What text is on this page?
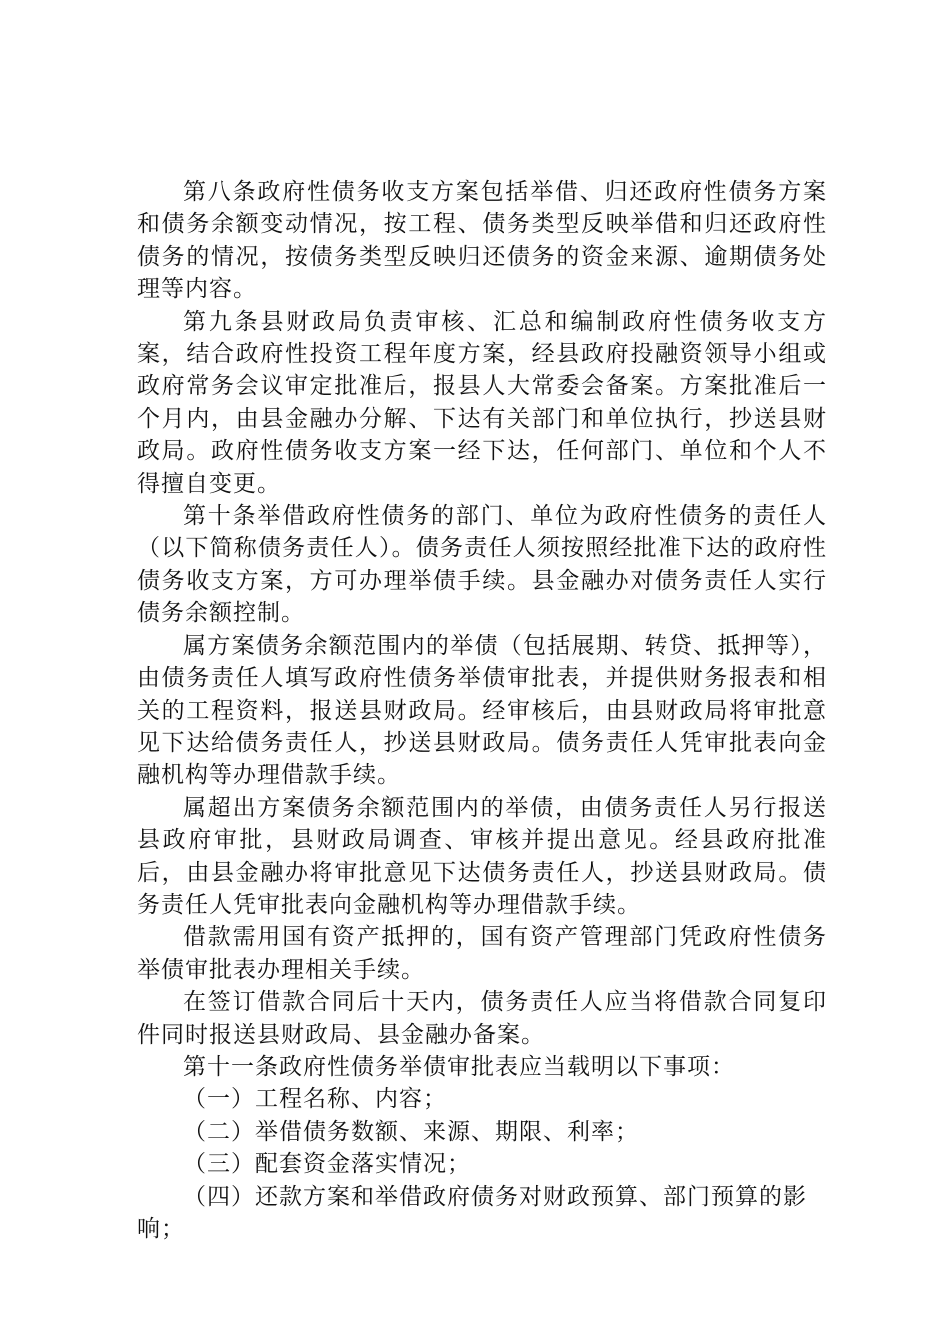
第八条政府性债务收支方案包括举借、归还政府性债务方案和债务余额变动情况，按工程、债务类型反映举借和归还政府性债务的情况，按债务类型反映归还债务的资金来源、逾期债务处理等内容。

第九条县财政局负责审核、汇总和编制政府性债务收支方案，结合政府性投资工程年度方案，经县政府投融资领导小组或政府常务会议审定批准后，报县人大常委会备案。方案批准后一个月内，由县金融办分解、下达有关部门和单位执行，抄送县财政局。政府性债务收支方案一经下达，任何部门、单位和个人不得擅自变更。

第十条举借政府性债务的部门、单位为政府性债务的责任人（以下简称债务责任人）。债务责任人须按照经批准下达的政府性债务收支方案，方可办理举债手续。县金融办对债务责任人实行债务余额控制。

属方案债务余额范围内的举债（包括展期、转贷、抵押等），由债务责任人填写政府性债务举债审批表，并提供财务报表和相关的工程资料，报送县财政局。经审核后，由县财政局将审批意见下达给债务责任人，抄送县财政局。债务责任人凭审批表向金融机构等办理借款手续。

属超出方案债务余额范围内的举债，由债务责任人另行报送县政府审批，县财政局调查、审核并提出意见。经县政府批准后，由县金融办将审批意见下达债务责任人，抄送县财政局。债务责任人凭审批表向金融机构等办理借款手续。

借款需用国有资产抵押的，国有资产管理部门凭政府性债务举债审批表办理相关手续。

在签订借款合同后十天内，债务责任人应当将借款合同复印件同时报送县财政局、县金融办备案。

第十一条政府性债务举债审批表应当载明以下事项：

（一）工程名称、内容；

（二）举借债务数额、来源、期限、利率；

（三）配套资金落实情况；

（四）还款方案和举借政府债务对财政预算、部门预算的影响；
